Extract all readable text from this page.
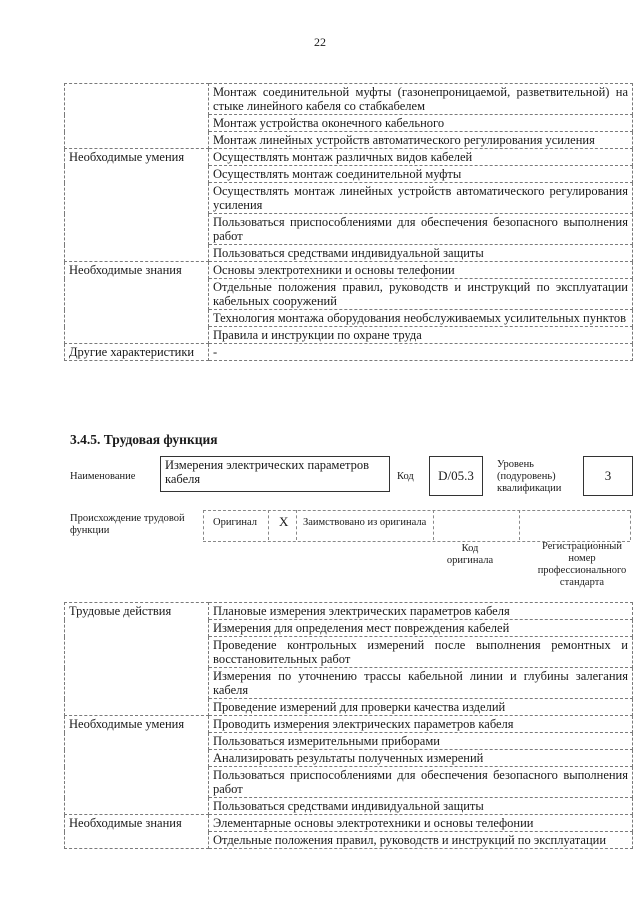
22
	Монтаж соединительной муфты (газонепроницаемой, разветвительной) на стыке линейного кабеля со стабкабелем
	Монтаж устройства оконечного кабельного
	Монтаж линейных устройств автоматического регулирования усиления
Необходимые умения	Осуществлять монтаж различных видов кабелей
	Осуществлять монтаж соединительной муфты
	Осуществлять монтаж линейных устройств автоматического регулирования усиления
	Пользоваться приспособлениями для обеспечения безопасного выполнения работ
	Пользоваться средствами индивидуальной защиты
Необходимые знания	Основы электротехники и основы телефонии
	Отдельные положения правил, руководств и инструкций по эксплуатации кабельных сооружений
	Технология монтажа оборудования необслуживаемых усилительных пунктов
	Правила и инструкции по охране труда
Другие характеристики	-
3.4.5. Трудовая функция
Наименование
Измерения электрических параметров кабеля	Код	D/05.3
Уровень (подуровень) квалификации
3
Происхождение трудовой функции
Оригинал X Заимствовано из оригинала
Код оригинала
Регистрационный номер профессионального стандарта
Трудовые действия	Плановые измерения электрических параметров кабеля
	Измерения для определения мест повреждения кабелей
	Проведение контрольных измерений после выполнения ремонтных и восстановительных работ
	Измерения по уточнению трассы кабельной линии и глубины залегания кабеля
	Проведение измерений для проверки качества изделий
Необходимые умения	Проводить измерения электрических параметров кабеля
	Пользоваться измерительными приборами
	Анализировать результаты полученных измерений
	Пользоваться приспособлениями для обеспечения безопасного выполнения работ
	Пользоваться средствами индивидуальной защиты
Необходимые знания	Элементарные основы электротехники и основы телефонии
	Отдельные положения правил, руководств и инструкций по эксплуатации
